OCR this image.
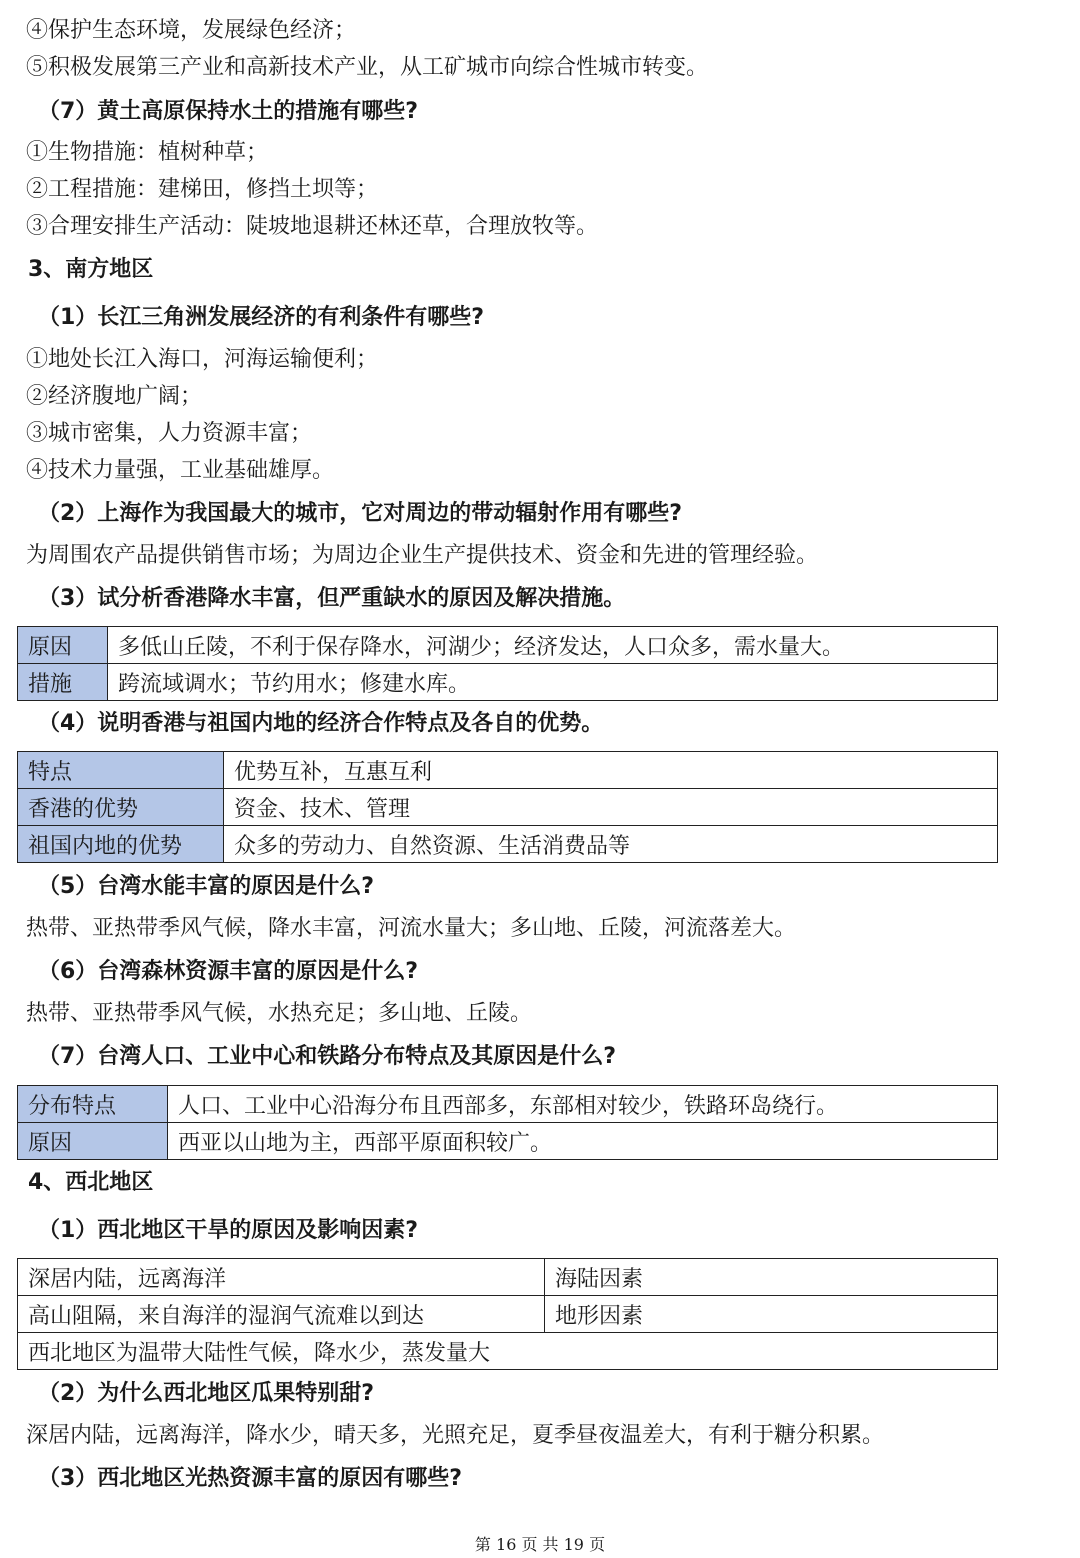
④保护生态环境，发展绿色经济；
⑤积极发展第三产业和高新技术产业，从工矿城市向综合性城市转变。
（7）黄土高原保持水土的措施有哪些?
①生物措施：植树种草；
②工程措施：建梯田，修挡土坝等；
③合理安排生产活动：陡坡地退耕还林还草，合理放牧等。
3、南方地区
（1）长江三角洲发展经济的有利条件有哪些?
①地处长江入海口，河海运输便利；
②经济腹地广阔；
③城市密集，人力资源丰富；
④技术力量强，工业基础雄厚。
（2）上海作为我国最大的城市，它对周边的带动辐射作用有哪些?
为周围农产品提供销售市场；为周边企业生产提供技术、资金和先进的管理经验。
（3）试分析香港降水丰富，但严重缺水的原因及解决措施。
原因	多低山丘陵，不利于保存降水，河湖少；经济发达，人口众多，需水量大。
措施	跨流域调水；节约用水；修建水库。
（4）说明香港与祖国内地的经济合作特点及各自的优势。
特点	优势互补，互惠互利
香港的优势	资金、技术、管理
祖国内地的优势	众多的劳动力、自然资源、生活消费品等
（5）台湾水能丰富的原因是什么?
热带、亚热带季风气候，降水丰富，河流水量大；多山地、丘陵，河流落差大。
（6）台湾森林资源丰富的原因是什么?
热带、亚热带季风气候，水热充足；多山地、丘陵。
（7）台湾人口、工业中心和铁路分布特点及其原因是什么?
分布特点	人口、工业中心沿海分布且西部多，东部相对较少，铁路环岛绕行。
原因	西亚以山地为主，西部平原面积较广。
4、西北地区
（1）西北地区干旱的原因及影响因素?
深居内陆，远离海洋	海陆因素
高山阻隔，来自海洋的湿润气流难以到达	地形因素
西北地区为温带大陆性气候，降水少，蒸发量大	
（2）为什么西北地区瓜果特别甜?
深居内陆，远离海洋，降水少，晴天多，光照充足，夏季昼夜温差大，有利于糖分积累。
（3）西北地区光热资源丰富的原因有哪些?
第 16 页 共 19 页
